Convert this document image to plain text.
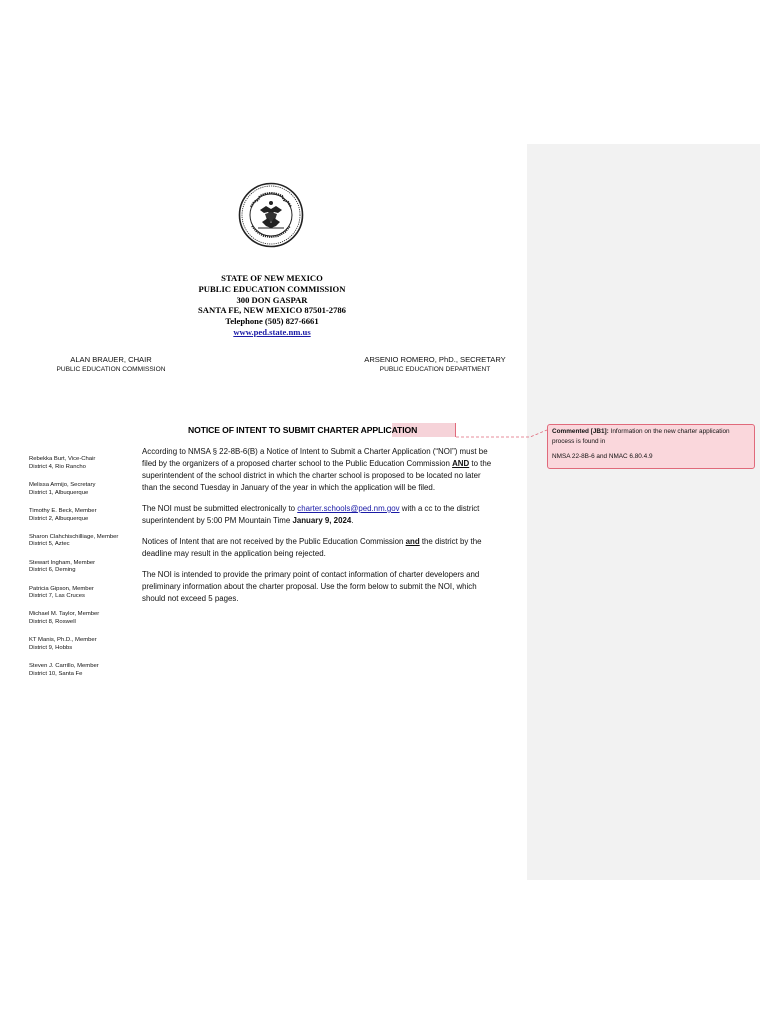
STATE OF NEW MEXICO
PUBLIC EDUCATION COMMISSION
300 DON GASPAR
SANTA FE, NEW MEXICO 87501-2786
Telephone (505) 827-6661
www.ped.state.nm.us
ALAN BRAUER, CHAIR
PUBLIC EDUCATION COMMISSION
ARSENIO ROMERO, PhD., SECRETARY
PUBLIC EDUCATION DEPARTMENT
NOTICE OF INTENT TO SUBMIT CHARTER APPLICATION
Rebekka Burt, Vice-Chair
District 4, Rio Rancho
Melissa Armijo, Secretary
District 1, Albuquerque
Timothy E. Beck, Member
District 2, Albuquerque
Sharon Clahchischilliage, Member
District 5, Aztec
Stewart Ingham, Member
District 6, Deming
Patricia Gipson, Member
District 7, Las Cruces
Michael M. Taylor, Member
District 8, Roswell
KT Manis, Ph.D., Member
District 9, Hobbs
Steven J. Carrillo, Member
District 10, Santa Fe

According to NMSA § 22-8B-6(B) a Notice of Intent to Submit a Charter Application (“NOI”) must be filed by the organizers of a proposed charter school to the Public Education Commission AND to the superintendent of the school district in which the charter school is proposed to be located no later than the second Tuesday in January of the year in which the application will be filed.

The NOI must be submitted electronically to charter.schools@ped.nm.gov with a cc to the district superintendent by 5:00 PM Mountain Time January 9, 2024.

Notices of Intent that are not received by the Public Education Commission and the district by the deadline may result in the application being rejected.

The NOI is intended to provide the primary point of contact information of charter developers and preliminary information about the charter proposal. Use the form below to submit the NOI, which should not exceed 5 pages.

Commented [JB1]: Information on the new charter application process is found in

NMSA 22-8B-6 and NMAC 6.80.4.9
